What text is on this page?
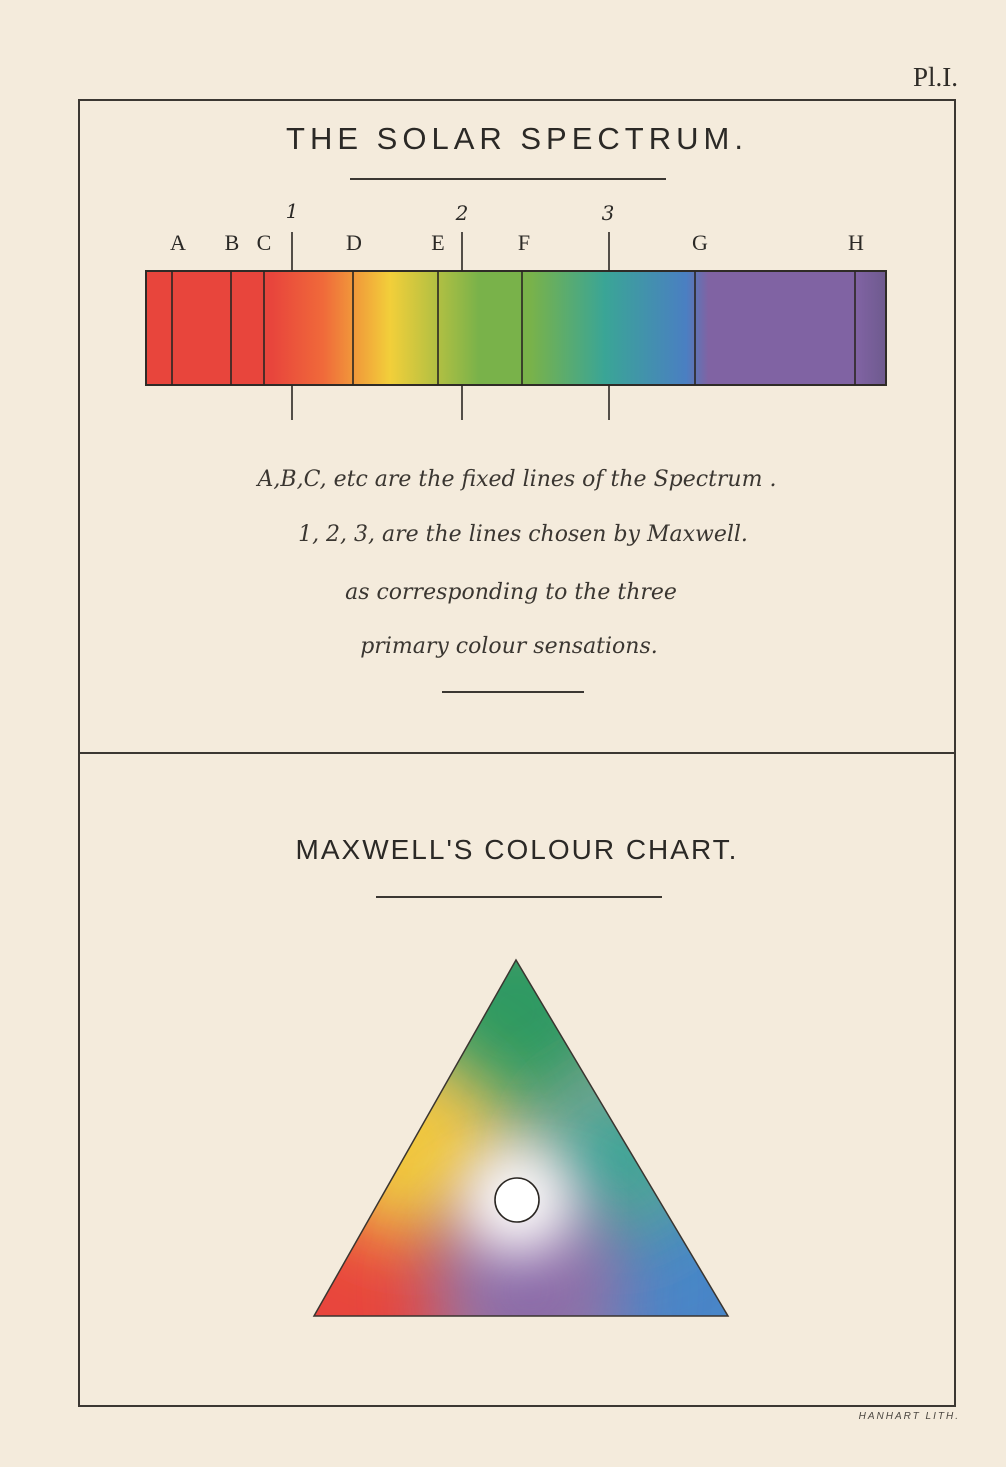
Pl.I.
THE SOLAR SPECTRUM.

A,B,C, etc are the fixed lines of the Spectrum .

1, 2, 3, are the lines chosen by Maxwell.

as corresponding to the three

primary colour sensations.

MAXWELL'S COLOUR CHART.
A B C	D	E	F	G	H
1	2	3
HANHART LITH.
